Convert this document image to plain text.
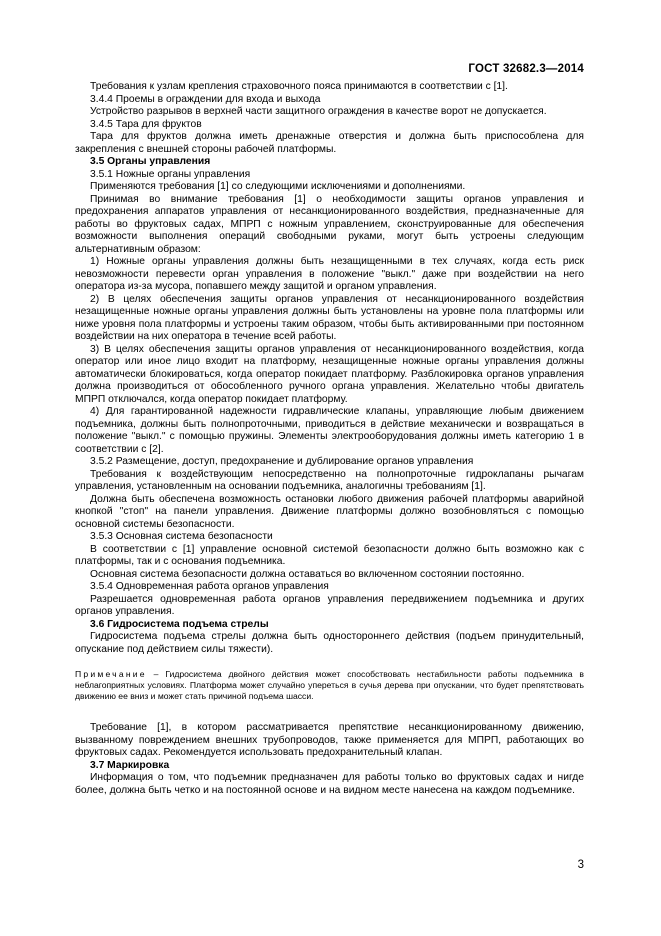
ГОСТ 32682.3—2014

Требования к узлам крепления страховочного пояса принимаются в соответствии с [1].

3.4.4 Проемы в ограждении для входа и выхода

Устройство разрывов в верхней части защитного ограждения в качестве ворот не допускается.

3.4.5 Тара для фруктов

Тара для фруктов должна иметь дренажные отверстия и должна быть приспособлена для закрепления с внешней стороны рабочей платформы.

3.5 Органы управления

3.5.1 Ножные органы управления

Применяются требования [1] со следующими исключениями и дополнениями.

Принимая во внимание требования [1] о необходимости защиты органов управления и предохранения аппаратов управления от несанкционированного воздействия, предназначенные для работы во фруктовых садах, МПРП с ножным управлением, сконструированные для обеспечения возможности выполнения операций свободными руками, могут быть устроены следующим альтернативным образом:

1) Ножные органы управления должны быть незащищенными в тех случаях, когда есть риск невозможности перевести орган управления в положение "выкл." даже при воздействии на него оператора из-за мусора, попавшего между защитой и органом управления.

2) В целях обеспечения защиты органов управления от несанкционированного воздействия незащищенные ножные органы управления должны быть установлены на уровне пола платформы или ниже уровня пола платформы и устроены таким образом, чтобы быть активированными при постоянном воздействии на них оператора в течение всей работы.

3) В целях обеспечения защиты органов управления от несанкционированного воздействия, когда оператор или иное лицо входит на платформу, незащищенные ножные органы управления должны автоматически блокироваться, когда оператор покидает платформу. Разблокировка органов управления должна производиться от обособленного ручного органа управления. Желательно чтобы двигатель МПРП отключался, когда оператор покидает платформу.

4) Для гарантированной надежности гидравлические клапаны, управляющие любым движением подъемника, должны быть полнопроточными, приводиться в действие механически и возвращаться в положение "выкл." с помощью пружины. Элементы электрооборудования должны иметь категорию 1 в соответствии с [2].

3.5.2 Размещение, доступ, предохранение и дублирование органов управления

Требования к воздействующим непосредственно на полнопроточные гидроклапаны рычагам управления, установленным на основании подъемника, аналогичны требованиям [1].

Должна быть обеспечена возможность остановки любого движения рабочей платформы аварийной кнопкой "стоп" на панели управления. Движение платформы должно возобновляться с помощью основной системы безопасности.

3.5.3 Основная система безопасности

В соответствии с [1] управление основной системой безопасности должно быть возможно как с платформы, так и с основания подъемника.

Основная система безопасности должна оставаться во включенном состоянии постоянно.

3.5.4 Одновременная работа органов управления

Разрешается одновременная работа органов управления передвижением подъемника и других органов управления.

3.6 Гидросистема подъема стрелы

Гидросистема подъема стрелы должна быть одностороннего действия (подъем принудительный, опускание под действием силы тяжести).

Примечание – Гидросистема двойного действия может способствовать нестабильности работы подъемника в неблагоприятных условиях. Платформа может случайно упереться в сучья дерева при опускании, что будет препятствовать движению ее вниз и может стать причиной подъема шасси.

Требование [1], в котором рассматривается препятствие несанкционированному движению, вызванному повреждением внешних трубопроводов, также применяется для МПРП, работающих во фруктовых садах. Рекомендуется использовать предохранительный клапан.

3.7 Маркировка

Информация о том, что подъемник предназначен для работы только во фруктовых садах и нигде более, должна быть четко и на постоянной основе и на видном месте нанесена на каждом подъемнике.

3
